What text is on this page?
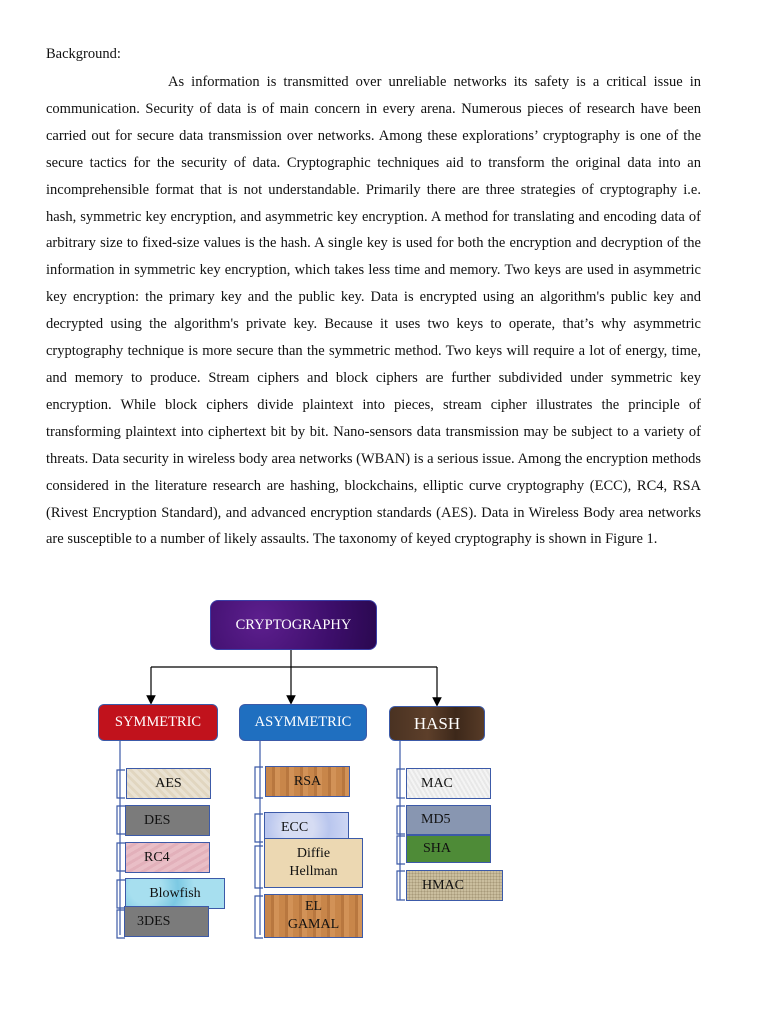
Background:
As information is transmitted over unreliable networks its safety is a critical issue in communication. Security of data is of main concern in every arena. Numerous pieces of research have been carried out for secure data transmission over networks. Among these explorations’ cryptography is one of the secure tactics for the security of data. Cryptographic techniques aid to transform the original data into an incomprehensible format that is not understandable. Primarily there are three strategies of cryptography i.e. hash, symmetric key encryption, and asymmetric key encryption. A method for translating and encoding data of arbitrary size to fixed-size values is the hash. A single key is used for both the encryption and decryption of the information in symmetric key encryption, which takes less time and memory. Two keys are used in asymmetric key encryption: the primary key and the public key. Data is encrypted using an algorithm's public key and decrypted using the algorithm's private key. Because it uses two keys to operate, that’s why asymmetric cryptography technique is more secure than the symmetric method. Two keys will require a lot of energy, time, and memory to produce. Stream ciphers and block ciphers are further subdivided under symmetric key encryption. While block ciphers divide plaintext into pieces, stream cipher illustrates the principle of transforming plaintext into ciphertext bit by bit. Nano-sensors data transmission may be subject to a variety of threats. Data security in wireless body area networks (WBAN) is a serious issue. Among the encryption methods considered in the literature research are hashing, blockchains, elliptic curve cryptography (ECC), RC4, RSA (Rivest Encryption Standard), and advanced encryption standards (AES). Data in Wireless Body area networks are susceptible to a number of likely assaults. The taxonomy of keyed cryptography is shown in Figure 1.
CRYPTOGRAPHY
SYMMETRIC	ASYMMETRIC	HASH
AES
DES
RC4
Blowfish
3DES
RSA
ECC
Diffie Hellman
EL GAMAL
MAC
MD5
SHA
HMAC
